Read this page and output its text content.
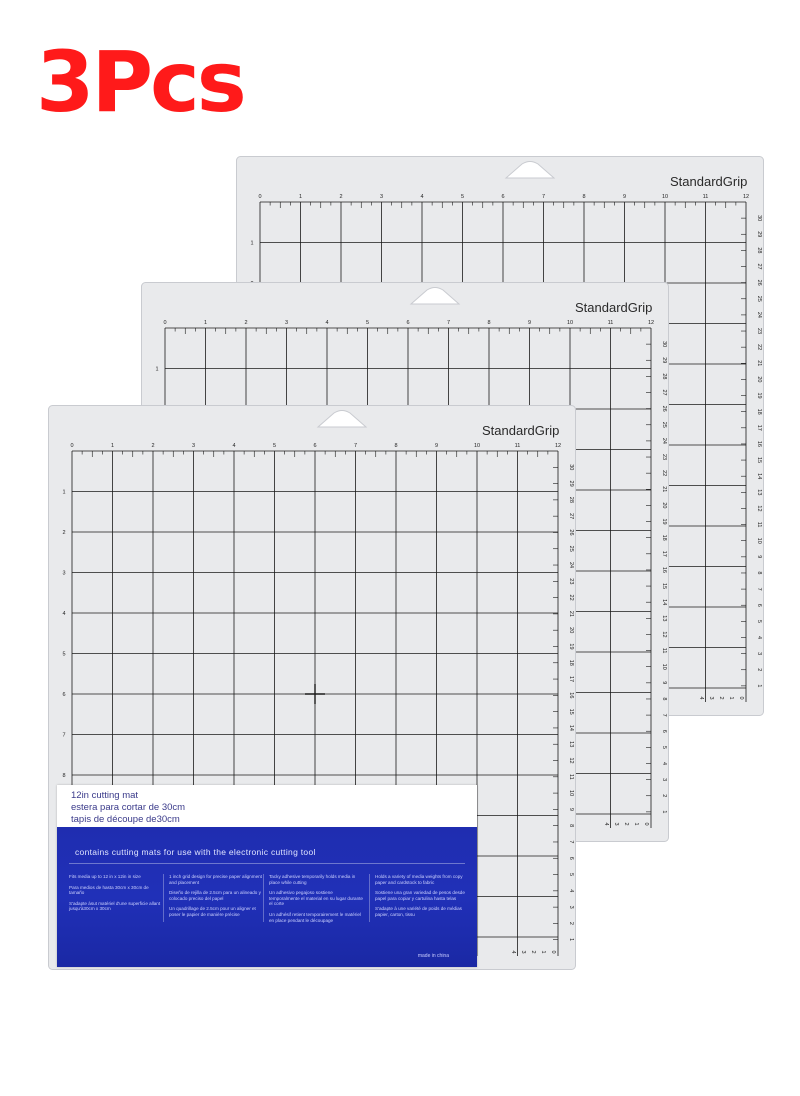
3Pcs
0	1	2	3	4	5	6	7	8	9	10	11	12
1
30
29
28
27
26
25
24
23
22
21
20
19
18
17
16
15
14
13
12
11
10
9
8
7
6
5
4
3
2
1
4 3 2 1 0
StandardGrip
0	1	2	3	4	5	6	7	8	9	10	11	12
1
30
29
28
27
26
25
24
23
22
21
20
19
18
17
16
15
14
13
12
11
10
9
8
7
6
5
4
3
2
1
4 3 2 1 0
StandardGrip
0	1	2	3	4	5	6	7	8	9	10	11	12
1
2
3
4
5
6
7
8
30
29
28
27
26
25
24
23
22
21
20
19
18
17
16
15
14
13
12
11
10
9
8
7
6
5
4
3
2
1
4 3 2 1 0
StandardGrip
12in cutting mat
estera para cortar de 30cm
tapis de découpe de30cm
contains cutting mats for use with the electronic cutting tool

Fits media up to 12 in x 12in in size

Para medios de hasta 30cm x 30cm de tamaño

S'adapte àsut matériel d'une superficie allant jusqu'à30cm x 30cm

1 inch grid design for precise paper alignment and placement

Diseño de rejilla de 2.5cm para un alineado y colocado preciso del papel

Un quadrillage de 2.5cm pour un aligner et poser le papier de manière précise

Tacky adhesive temporarily holds media in place while cutting

Un adhesivo pegajoso sostiene temporalmente el material en su lugar durante el corte

Un adhésif retient temporairement le matériel en place pendant le découpage

Holds a variety of media weights from copy paper and cardstock to fabric

Sostiene una gran variedad de pesos desde papel para copiar y cartulina hasta telas

S'adapte à une variété de poids de médias papier, carton, tissu

made in china
